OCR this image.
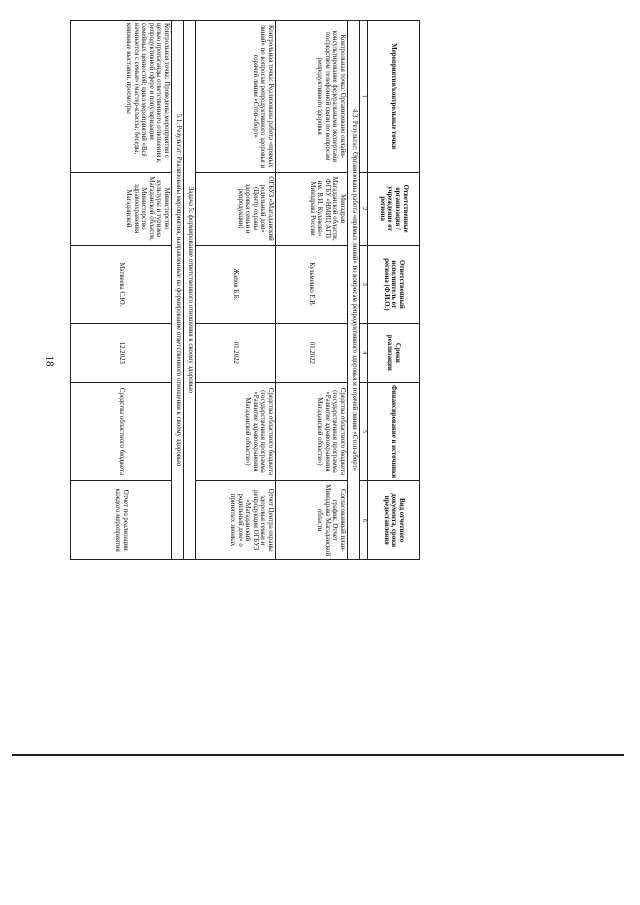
18
Мероприятия/контрольные точки	Ответственные организация / учреждение от региона	Ответственный исполнитель от региона (Ф.И.О.)	Сроки реализации	Финансирование и источники	Вид отчетного документа, сроки предоставления
1	2	3	4	5	6
4.3. Результат: Организована работа «прямых линий» по вопросам репродуктивного здоровья и горячей линии «Стоп-аборт»					
Контрольная точка: Организовано онлайн-консультирование федеральными экспертами посредством телефонной связи по вопросам репродуктивного здоровья	Минздрав Магаданской области, ФГБУ «НМИЦ АГП им. В.И. Кулакова» Минздрава России	Кузьменко Е.В.	01.2022	Средства областного бюджета (государственная программа «Развитие здравоохранения Магаданской области»)	Согласованный план-график, Отчет Минздрава Магаданской области
Контрольная точка: Реализована работа «прямых линий» по вопросам репродуктивного здоровья и горячей линии «Стоп-аборт»	ОГБУЗ «Магаданский родильный дом» (Центр охраны здоровья семьи и репродукции)	Жапов Б.Б.	01.2022	Средства областного бюджета (государственная программа «Развитие здравоохранения Магаданской области»)	Отчет Центра охраны здоровья семьи и репродукции ОГБУЗ «Магаданский родильный дом» о принятых звонках
Задача 5: формирование ответственного отношения к своему здоровью					
5.1. Результат: Реализованы мероприятия, направленные на формирование ответственного отношения к своему здоровью					
Контрольная точка: Проведены мероприятия с целью пропаганды ответственного отношения к репродуктивной сфере и популяризации семейных ценностей; цикл мероприятий «Всё начинается с семьи» (мастер-классы, беседы, книжные выставки, просмотры	Министерство культуры и туризма Магаданской области, Министерство здравоохранения Магаданской	Матвеева С.Ю.	12.2023	Средства областного бюджета	Отчет по реализации каждого мероприятия
